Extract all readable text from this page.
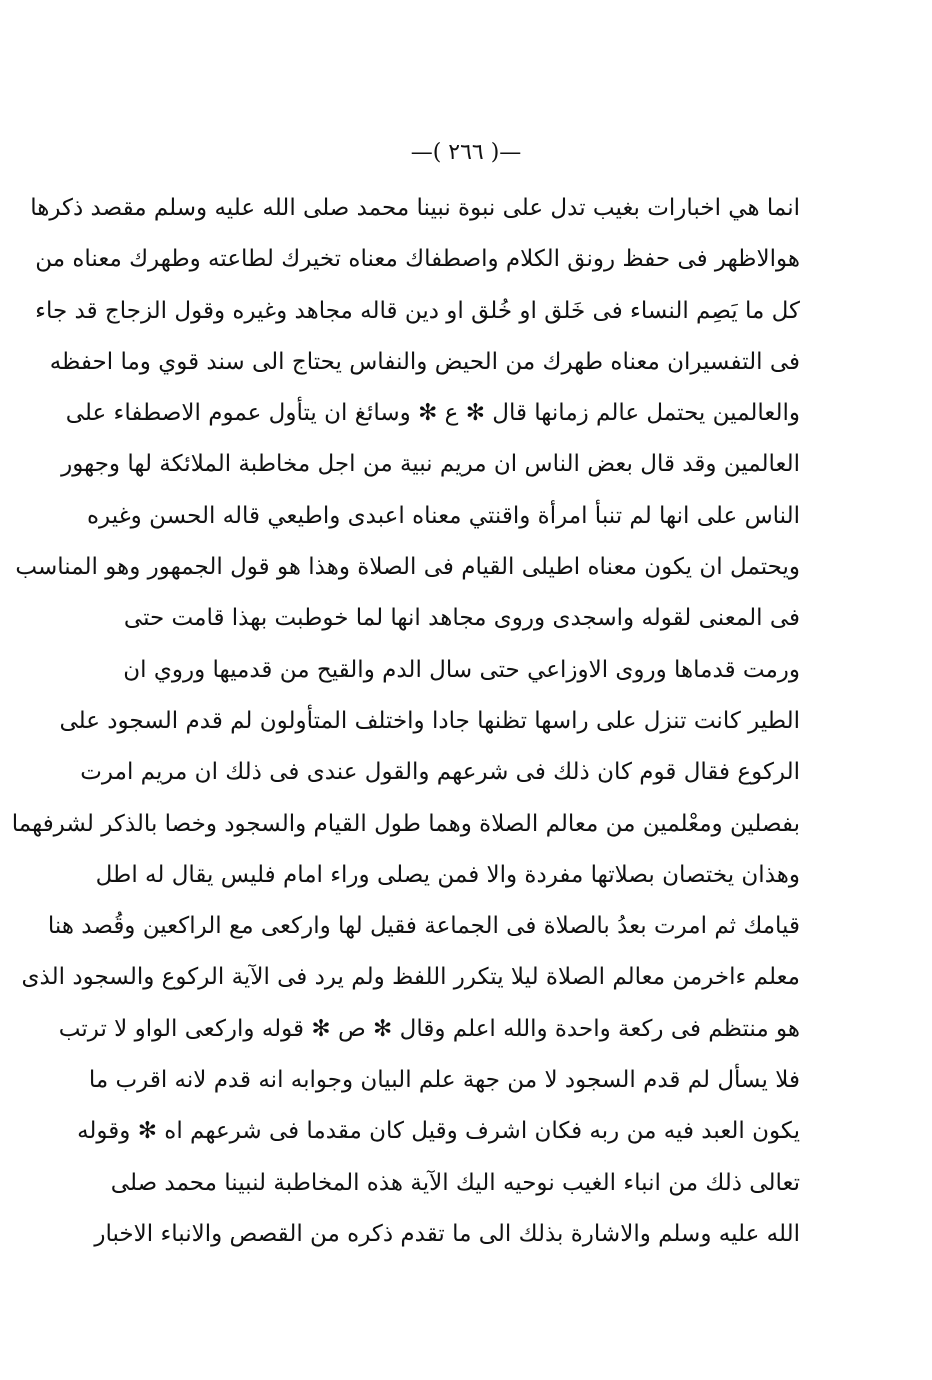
—( ٢٦٦ )—
انما هي اخبارات بغيب تدل على نبوة نبينا محمد صلى الله عليه وسلم مقصد ذكرها
هوالاظهر فى حفظ رونق الكلام واصطفاك معناه تخيرك لطاعته وطهرك معناه من
كل ما يَصِم النساء فى خَلق او خُلق او دين قاله مجاهد وغيره وقول الزجاج قد جاء
فى التفسيران معناه طهرك من الحيض والنفاس يحتاج الى سند قوي وما احفظه
والعالمين يحتمل عالم زمانها قال ✻ ع ✻ وسائغ ان يتأول عموم الاصطفاء على
العالمين وقد قال بعض الناس ان مريم نبية من اجل مخاطبة الملائكة لها وجهور
الناس على انها لم تنبأ امرأة واقنتي معناه اعبدى واطيعي قاله الحسن وغيره
ويحتمل ان يكون معناه اطيلى القيام فى الصلاة وهذا هو قول الجمهور وهو المناسب
فى المعنى لقوله واسجدى وروى مجاهد انها لما خوطبت بهذا قامت حتى
ورمت قدماها وروى الاوزاعي حتى سال الدم والقيح من قدميها وروي ان
الطير كانت تنزل على راسها تظنها جادا واختلف المتأولون لم قدم السجود على
الركوع فقال قوم كان ذلك فى شرعهم والقول عندى فى ذلك ان مريم امرت
بفصلين ومعْلمين من معالم الصلاة وهما طول القيام والسجود وخصا بالذكر لشرفهما
وهذان يختصان بصلاتها مفردة والا فمن يصلى وراء امام فليس يقال له اطل
قيامك ثم امرت بعدُ بالصلاة فى الجماعة فقيل لها واركعى مع الراكعين وقُصد هنا
معلم ءاخرمن معالم الصلاة ليلا يتكرر اللفظ ولم يرد فى الآية الركوع والسجود الذى
هو منتظم فى ركعة واحدة والله اعلم وقال ✻ ص ✻ قوله واركعى الواو لا ترتب
فلا يسأل لم قدم السجود لا من جهة علم البيان وجوابه انه قدم لانه اقرب ما
يكون العبد فيه من ربه فكان اشرف وقيل كان مقدما فى شرعهم اه ✻ وقوله
تعالى ذلك من انباء الغيب نوحيه اليك الآية هذه المخاطبة لنبينا محمد صلى
الله عليه وسلم والاشارة بذلك الى ما تقدم ذكره من القصص والانباء الاخبار
